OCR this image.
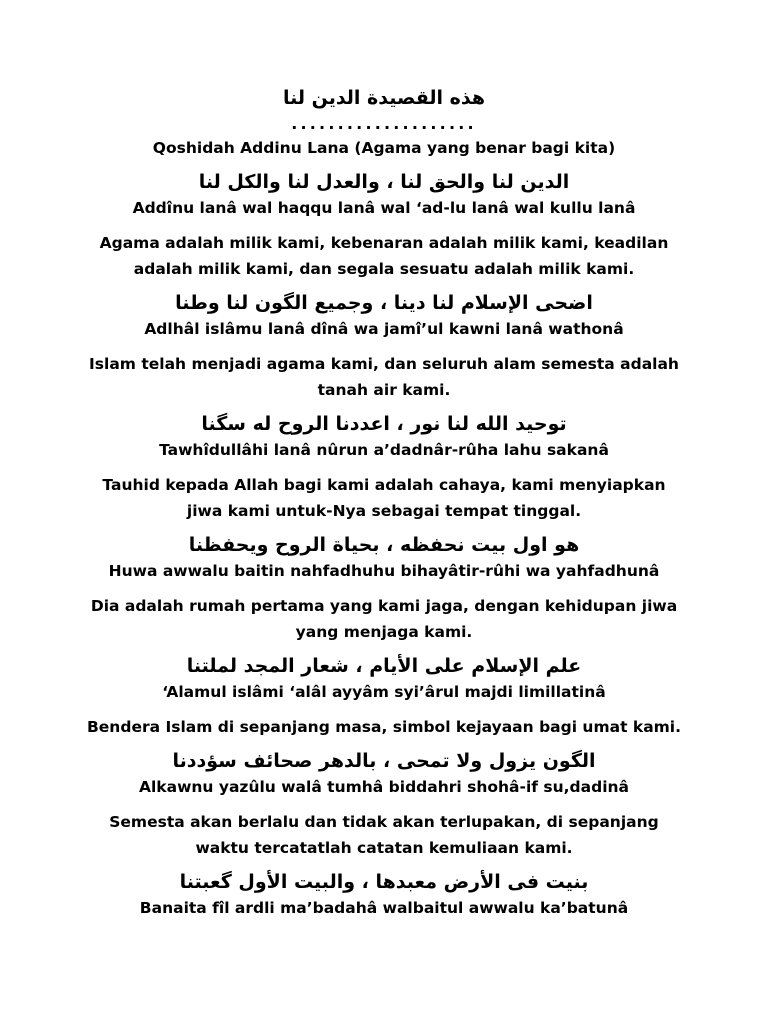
هذه القصيدة الدين لنا
....................
Qoshidah Addinu Lana (Agama yang benar bagi kita)
الدين لنا والحق لنا ، والعدل لنا والكل لنا
Addînu lanâ wal haqqu lanâ wal ‘ad-lu lanâ wal kullu lanâ
Agama adalah milik kami, kebenaran adalah milik kami, keadilan
adalah milik kami, dan segala sesuatu adalah milik kami.
اضحى الإسلام لنا دينا ، وجميع الگون لنا وطنا
Adlhâl islâmu lanâ dînâ wa jamî’ul kawni lanâ wathonâ
Islam telah menjadi agama kami, dan seluruh alam semesta adalah
tanah air kami.
توحيد الله لنا نور ، اعددنا الروح له سگنا
Tawhîdullâhi lanâ nûrun a’dadnâr-rûha lahu sakanâ
Tauhid kepada Allah bagi kami adalah cahaya, kami menyiapkan
jiwa kami untuk-Nya sebagai tempat tinggal.
هو اول بيت نحفظه ، بحياة الروح ويحفظنا
Huwa awwalu baitin nahfadhuhu bihayâtir-rûhi wa yahfadhunâ
Dia adalah rumah pertama yang kami jaga, dengan kehidupan jiwa
yang menjaga kami.
علم الإسلام على الأيام ، شعار المجد لملتنا
‘Alamul islâmi ‘alâl ayyâm syi’ârul majdi limillatinâ
Bendera Islam di sepanjang masa, simbol kejayaan bagi umat kami.
الگون يزول ولا تمحى ، بالدهر صحائف سؤددنا
Alkawnu yazûlu walâ tumhâ biddahri shohâ-if su,dadinâ
Semesta akan berlalu dan tidak akan terlupakan, di sepanjang
waktu tercatatlah catatan kemuliaan kami.
بنيت فى الأرض معبدها ، والبيت الأول گعبتنا
Banaita fîl ardli ma’badahâ walbaitul awwalu ka’batunâ
